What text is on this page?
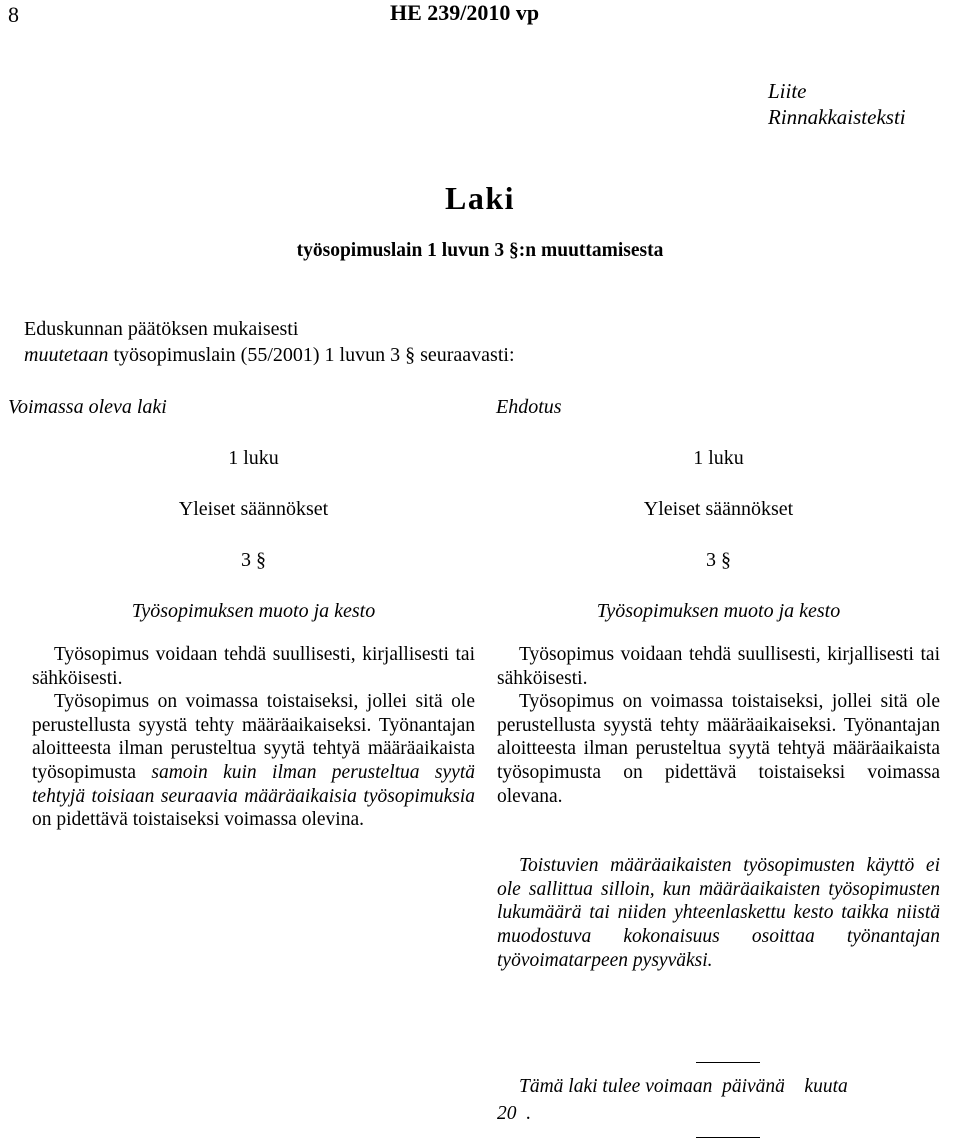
8	HE 239/2010 vp
Liite
Rinnakkaisteksti
Laki
työsopimuslain 1 luvun 3 §:n muuttamisesta
Eduskunnan päätöksen mukaisesti
muutetaan työsopimuslain (55/2001) 1 luvun 3 § seuraavasti:
Voimassa oleva laki	Ehdotus
1 luku
Yleiset säännökset
3 §
Työsopimuksen muoto ja kesto
Työsopimus voidaan tehdä suullisesti, kirjallisesti tai sähköisesti.
Työsopimus on voimassa toistaiseksi, jollei sitä ole perustellusta syystä tehty määräaikaiseksi. Työnantajan aloitteesta ilman perusteltua syytä tehtyä määräaikaista työsopimusta samoin kuin ilman perusteltua syytä tehtyjä toisiaan seuraavia määräaikaisia työsopimuksia on pidettävä toistaiseksi voimassa olevina.
1 luku
Yleiset säännökset
3 §
Työsopimuksen muoto ja kesto
Työsopimus voidaan tehdä suullisesti, kirjallisesti tai sähköisesti.
Työsopimus on voimassa toistaiseksi, jollei sitä ole perustellusta syystä tehty määräaikaiseksi. Työnantajan aloitteesta ilman perusteltua syytä tehtyä määräaikaista työsopimusta on pidettävä toistaiseksi voimassa olevana.
Toistuvien määräaikaisten työsopimusten käyttö ei ole sallittua silloin, kun määräaikaisten työsopimusten lukumäärä tai niiden yhteenlaskettu kesto taikka niistä muodostuva kokonaisuus osoittaa työnantajan työvoimatarpeen pysyväksi.
Tämä laki tulee voimaan  päivänä    kuuta
20  .
